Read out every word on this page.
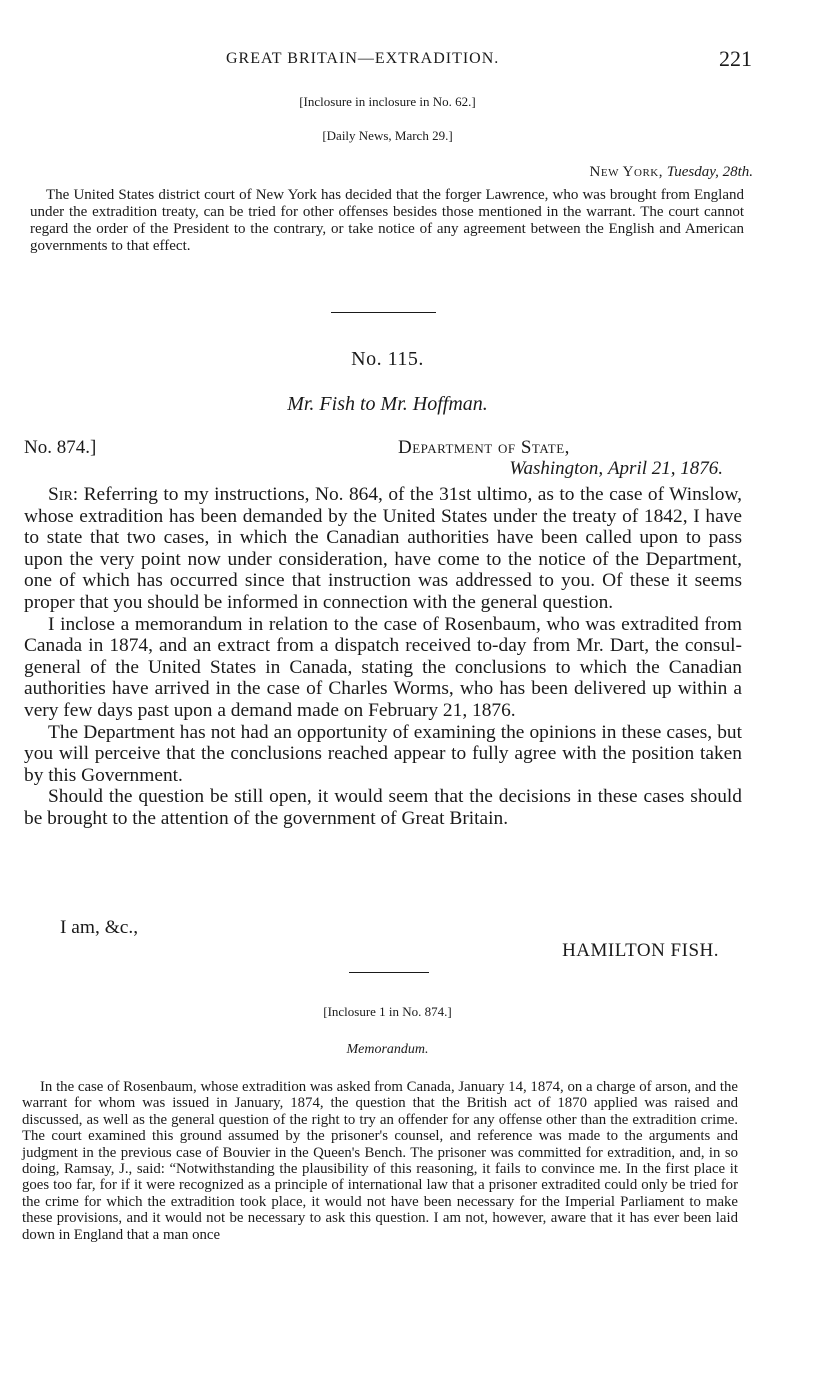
GREAT BRITAIN—EXTRADITION.	221
[Inclosure in inclosure in No. 62.]
[Daily News, March 29.]
New York, Tuesday, 28th.

The United States district court of New York has decided that the forger Lawrence, who was brought from England under the extradition treaty, can be tried for other offenses besides those mentioned in the warrant. The court cannot regard the order of the President to the contrary, or take notice of any agreement between the English and American governments to that effect.

No. 115.
Mr. Fish to Mr. Hoffman.
No. 874.]	Department of State,
Washington, April 21, 1876.

Sir: Referring to my instructions, No. 864, of the 31st ultimo, as to the case of Winslow, whose extradition has been demanded by the United States under the treaty of 1842, I have to state that two cases, in which the Canadian authorities have been called upon to pass upon the very point now under consideration, have come to the notice of the Department, one of which has occurred since that instruction was addressed to you. Of these it seems proper that you should be informed in connection with the general question.

I inclose a memorandum in relation to the case of Rosenbaum, who was extradited from Canada in 1874, and an extract from a dispatch received to-day from Mr. Dart, the consul-general of the United States in Canada, stating the conclusions to which the Canadian authorities have arrived in the case of Charles Worms, who has been delivered up within a very few days past upon a demand made on February 21, 1876.

The Department has not had an opportunity of examining the opinions in these cases, but you will perceive that the conclusions reached appear to fully agree with the position taken by this Government.

Should the question be still open, it would seem that the decisions in these cases should be brought to the attention of the government of Great Britain.

I am, &c.,
HAMILTON FISH.
[Inclosure 1 in No. 874.]
Memorandum.

In the case of Rosenbaum, whose extradition was asked from Canada, January 14, 1874, on a charge of arson, and the warrant for whom was issued in January, 1874, the question that the British act of 1870 applied was raised and discussed, as well as the general question of the right to try an offender for any offense other than the extradition crime. The court examined this ground assumed by the prisoner's counsel, and reference was made to the arguments and judgment in the previous case of Bouvier in the Queen's Bench. The prisoner was committed for extradition, and, in so doing, Ramsay, J., said: “Notwithstanding the plausibility of this reasoning, it fails to convince me. In the first place it goes too far, for if it were recognized as a principle of international law that a prisoner extradited could only be tried for the crime for which the extradition took place, it would not have been necessary for the Imperial Parliament to make these provisions, and it would not be necessary to ask this question. I am not, however, aware that it has ever been laid down in England that a man once
